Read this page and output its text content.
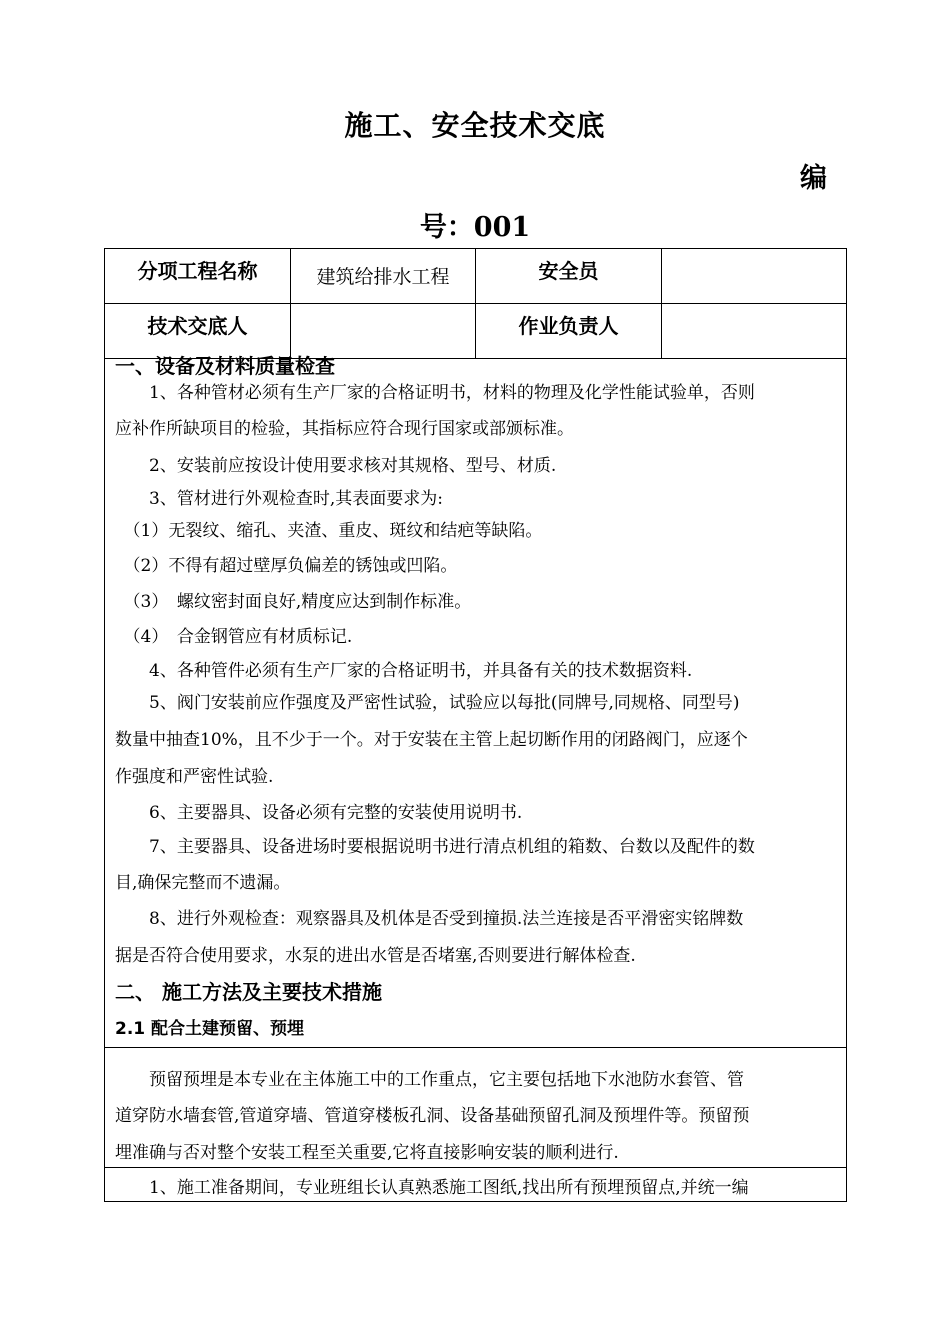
施工、安全技术交底
编
号：001
分项工程名称	建筑给排水工程	安全员	
技术交底人		作业负责人	
一、设备及材料质量检查
　　1、各种管材必须有生产厂家的合格证明书，材料的物理及化学性能试验单，否则
应补作所缺项目的检验，其指标应符合现行国家或部颁标准。
　　2、安装前应按设计使用要求核对其规格、型号、材质.
　　3、管材进行外观检查时,其表面要求为:
　（1）无裂纹、缩孔、夹渣、重皮、斑纹和结疤等缺陷。
　（2）不得有超过壁厚负偏差的锈蚀或凹陷。
　（3）　螺纹密封面良好,精度应达到制作标准。
　（4）　合金钢管应有材质标记.
　　4、各种管件必须有生产厂家的合格证明书，并具备有关的技术数据资料.
　　5、阀门安装前应作强度及严密性试验，试验应以每批(同牌号,同规格、同型号)
数量中抽查10%，且不少于一个。对于安装在主管上起切断作用的闭路阀门，应逐个
作强度和严密性试验.
　　6、主要器具、设备必须有完整的安装使用说明书.
　　7、主要器具、设备进场时要根据说明书进行清点机组的箱数、台数以及配件的数
目,确保完整而不遗漏。
　　8、进行外观检查：观察器具及机体是否受到撞损.法兰连接是否平滑密实铭牌数
据是否符合使用要求，水泵的进出水管是否堵塞,否则要进行解体检查.
二、 施工方法及主要技术措施
2.1 配合土建预留、预埋
　　预留预埋是本专业在主体施工中的工作重点，它主要包括地下水池防水套管、管
道穿防水墙套管,管道穿墙、管道穿楼板孔洞、设备基础预留孔洞及预埋件等。预留预
埋准确与否对整个安装工程至关重要,它将直接影响安装的顺利进行.
　　1、施工准备期间，专业班组长认真熟悉施工图纸,找出所有预埋预留点,并统一编
